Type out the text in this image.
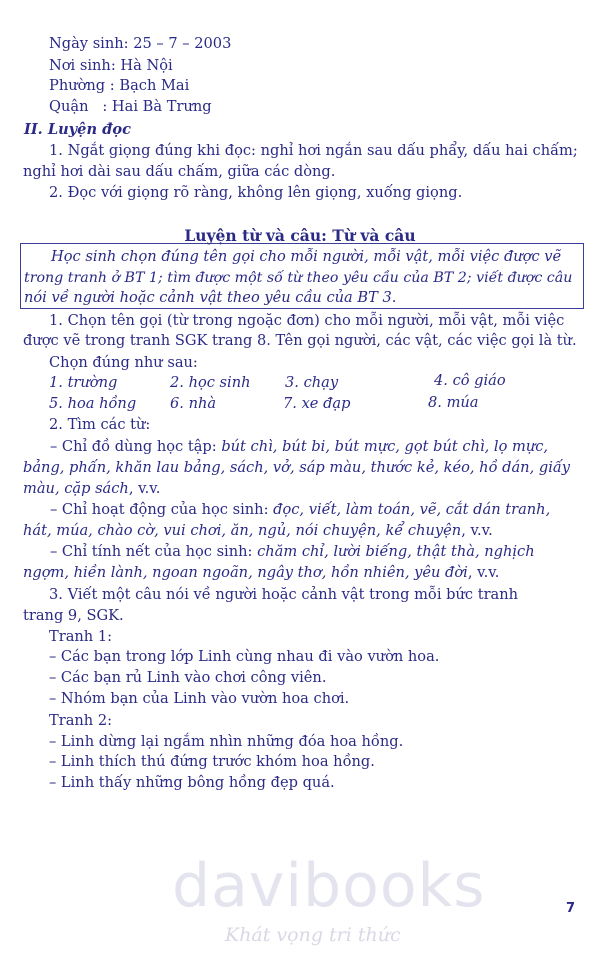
Ngày sinh: 25 – 7 – 2003
Nơi sinh: Hà Nội
Phường : Bạch Mai
Quận   : Hai Bà Trưng
II. Luyện đọc
1. Ngắt giọng đúng khi đọc: nghỉ hơi ngắn sau dấu phẩy, dấu hai chấm;
nghỉ hơi dài sau dấu chấm, giữa các dòng.
2. Đọc với giọng rõ ràng, không lên giọng, xuống giọng.
Luyện từ và câu: Từ và câu
Học sinh chọn đúng tên gọi cho mỗi người, mỗi vật, mỗi việc được vẽ
trong tranh ở BT 1; tìm được một số từ theo yêu cầu của BT 2; viết được câu
nói về người hoặc cảnh vật theo yêu cầu của BT 3.
1. Chọn tên gọi (từ trong ngoặc đơn) cho mỗi người, mỗi vật, mỗi việc
được vẽ trong tranh SGK trang 8. Tên gọi người, các vật, các việc gọi là từ.
Chọn đúng như sau:
1. trường	2. học sinh 3. chạy	4. cô giáo
5. hoa hồng 6. nhà	7. xe đạp	8. múa
2. Tìm các từ:
– Chỉ đồ dùng học tập: bút chì, bút bi, bút mực, gọt bút chì, lọ mực,
bảng, phấn, khăn lau bảng, sách, vở, sáp màu, thước kẻ, kéo, hồ dán, giấy
màu, cặp sách, v.v.
– Chỉ hoạt động của học sinh: đọc, viết, làm toán, vẽ, cắt dán tranh,
hát, múa, chào cờ, vui chơi, ăn, ngủ, nói chuyện, kể chuyện, v.v.
– Chỉ tính nết của học sinh: chăm chỉ, lười biếng, thật thà, nghịch
ngợm, hiền lành, ngoan ngoãn, ngây thơ, hồn nhiên, yêu đời, v.v.
3. Viết một câu nói về người hoặc cảnh vật trong mỗi bức tranh
trang 9, SGK.
Tranh 1:
– Các bạn trong lớp Linh cùng nhau đi vào vườn hoa.
– Các bạn rủ Linh vào chơi công viên.
– Nhóm bạn của Linh vào vườn hoa chơi.
Tranh 2:
– Linh dừng lại ngắm nhìn những đóa hoa hồng.
– Linh thích thú đứng trước khóm hoa hồng.
– Linh thấy những bông hồng đẹp quá.
davibooks
Khát vọng tri thức
7
